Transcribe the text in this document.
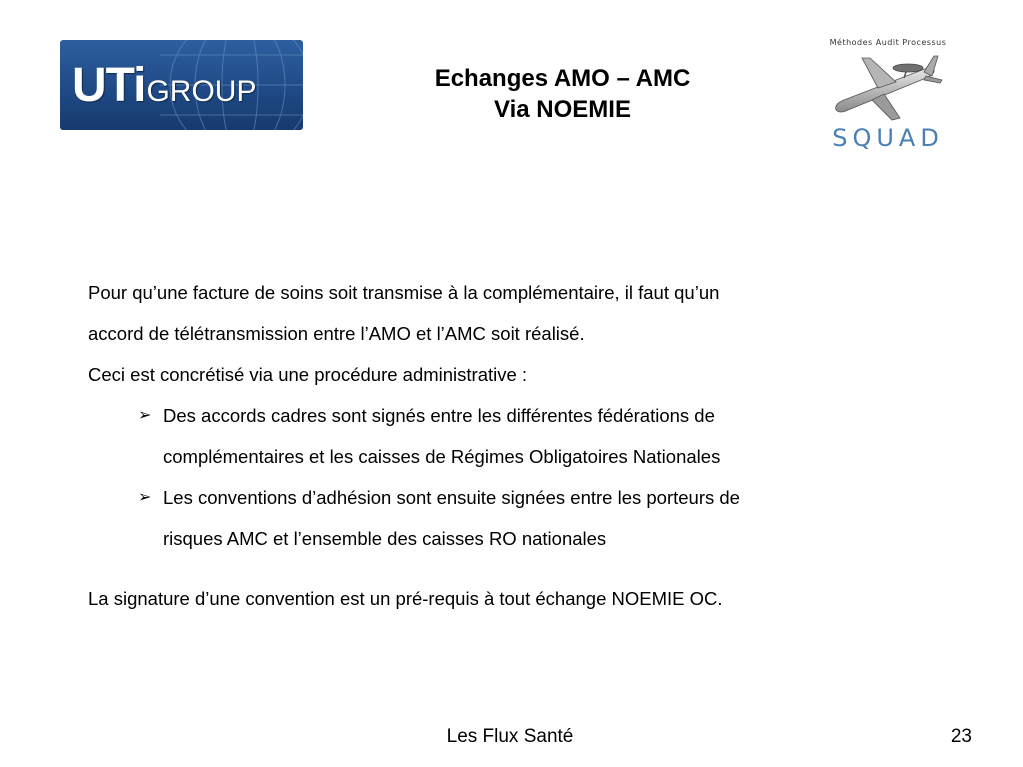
UTiGROUP	Echanges AMO – AMC
Via NOEMIE
Méthodes Audit Processus
SQUAD

Pour qu’une facture de soins soit transmise à la complémentaire, il faut qu’un

accord de télétransmission entre l’AMO et l’AMC soit réalisé.

Ceci est concrétisé via une procédure administrative :

➢ Des accords cadres sont signés entre les différentes fédérations de
complémentaires et les caisses de Régimes Obligatoires Nationales
➢ Les conventions d’adhésion sont ensuite signées entre les porteurs de
risques AMC et l’ensemble des caisses RO nationales

La signature d’une convention est un pré-requis à tout échange NOEMIE OC.

Les Flux Santé	23
